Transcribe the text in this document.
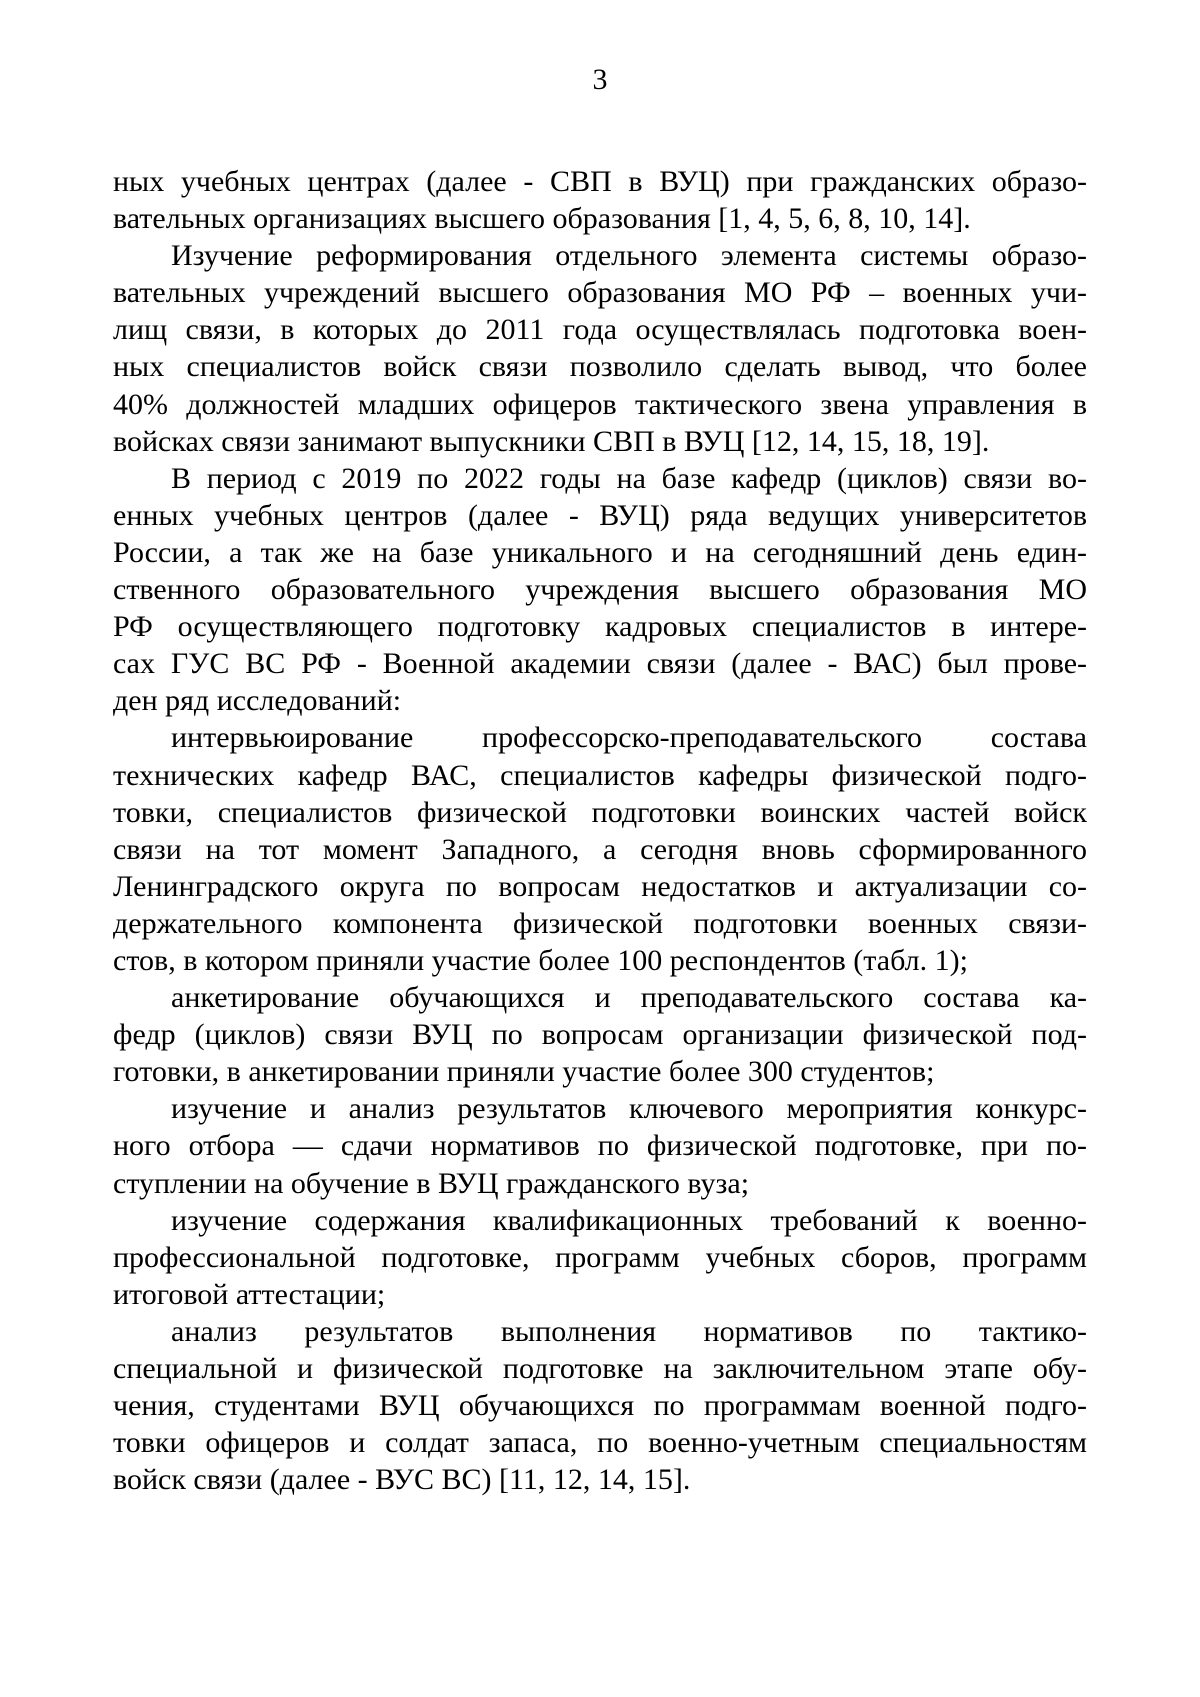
3
ных учебных центрах (далее - СВП в ВУЦ) при гражданских образо-
вательных организациях высшего образования [1, 4, 5, 6, 8, 10, 14].
Изучение реформирования отдельного элемента системы образо-
вательных учреждений высшего образования МО РФ – военных учи-
лищ связи, в которых до 2011 года осуществлялась подготовка воен-
ных специалистов войск связи позволило сделать вывод, что более
40% должностей младших офицеров тактического звена управления в
войсках связи занимают выпускники СВП в ВУЦ [12, 14, 15, 18, 19].
В период с 2019 по 2022 годы на базе кафедр (циклов) связи во-
енных учебных центров (далее - ВУЦ) ряда ведущих университетов
России, а так же на базе уникального и на сегодняшний день един-
ственного образовательного учреждения высшего образования МО
РФ осуществляющего подготовку кадровых специалистов в интере-
сах ГУС ВС РФ - Военной академии связи (далее - ВАС) был прове-
ден ряд исследований:
интервьюирование профессорско-преподавательского состава
технических кафедр ВАС, специалистов кафедры физической подго-
товки, специалистов физической подготовки воинских частей войск
связи на тот момент Западного, а сегодня вновь сформированного
Ленинградского округа по вопросам недостатков и актуализации со-
держательного компонента физической подготовки военных связи-
стов, в котором приняли участие более 100 респондентов (табл. 1);
анкетирование обучающихся и преподавательского состава ка-
федр (циклов) связи ВУЦ по вопросам организации физической под-
готовки, в анкетировании приняли участие более 300 студентов;
изучение и анализ результатов ключевого мероприятия конкурс-
ного отбора — сдачи нормативов по физической подготовке, при по-
ступлении на обучение в ВУЦ гражданского вуза;
изучение содержания квалификационных требований к военно-
профессиональной подготовке, программ учебных сборов, программ
итоговой аттестации;
анализ результатов выполнения нормативов по тактико-
специальной и физической подготовке на заключительном этапе обу-
чения, студентами ВУЦ обучающихся по программам военной подго-
товки офицеров и солдат запаса, по военно-учетным специальностям
войск связи (далее - ВУС ВС) [11, 12, 14, 15].
